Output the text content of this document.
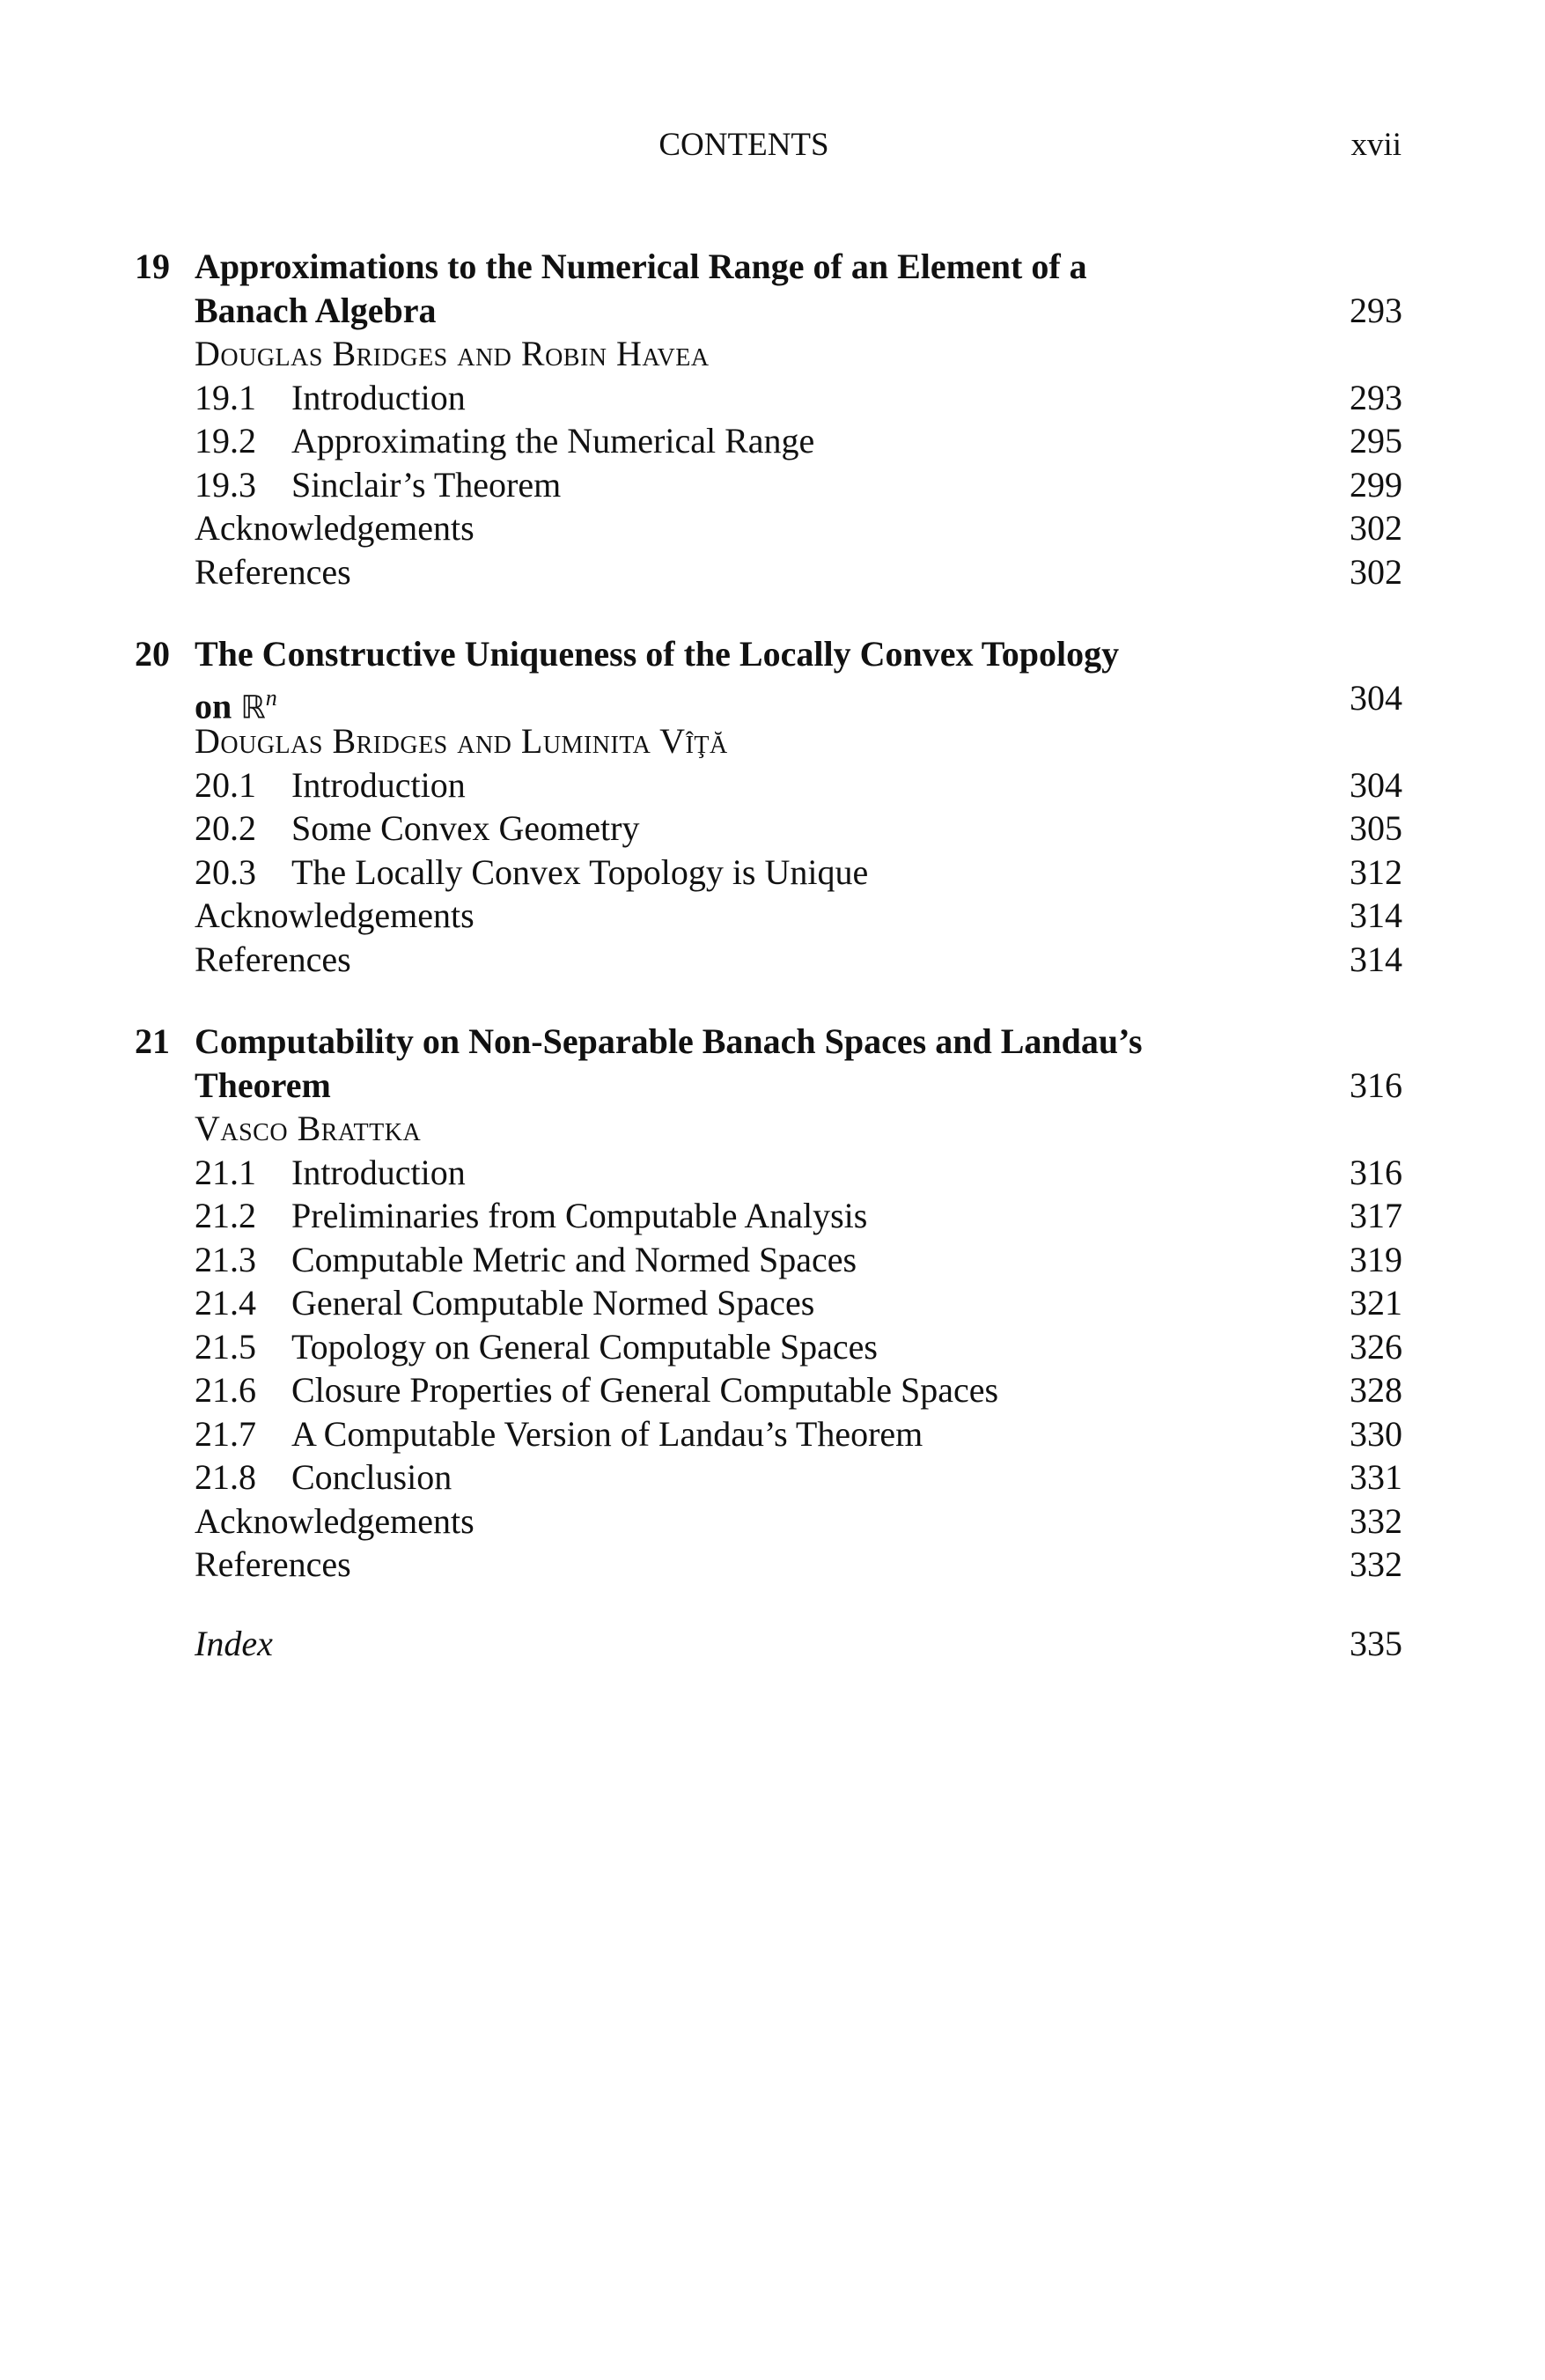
CONTENTS	xvii
19 Approximations to the Numerical Range of an Element of a
Banach Algebra	293
Douglas Bridges and Robin Havea
19.1 Introduction	293
19.2 Approximating the Numerical Range	295
19.3 Sinclair’s Theorem	299
Acknowledgements	302
References	302
20 The Constructive Uniqueness of the Locally Convex Topology
on ℝ$^n$	304
Douglas Bridges and Luminita Vîţă
20.1 Introduction	304
20.2 Some Convex Geometry	305
20.3 The Locally Convex Topology is Unique	312
Acknowledgements	314
References	314
21 Computability on Non-Separable Banach Spaces and Landau’s
Theorem	316
Vasco Brattka
21.1 Introduction	316
21.2 Preliminaries from Computable Analysis	317
21.3 Computable Metric and Normed Spaces	319
21.4 General Computable Normed Spaces	321
21.5 Topology on General Computable Spaces	326
21.6 Closure Properties of General Computable Spaces	328
21.7 A Computable Version of Landau’s Theorem	330
21.8 Conclusion	331
Acknowledgements	332
References	332
Index	335
